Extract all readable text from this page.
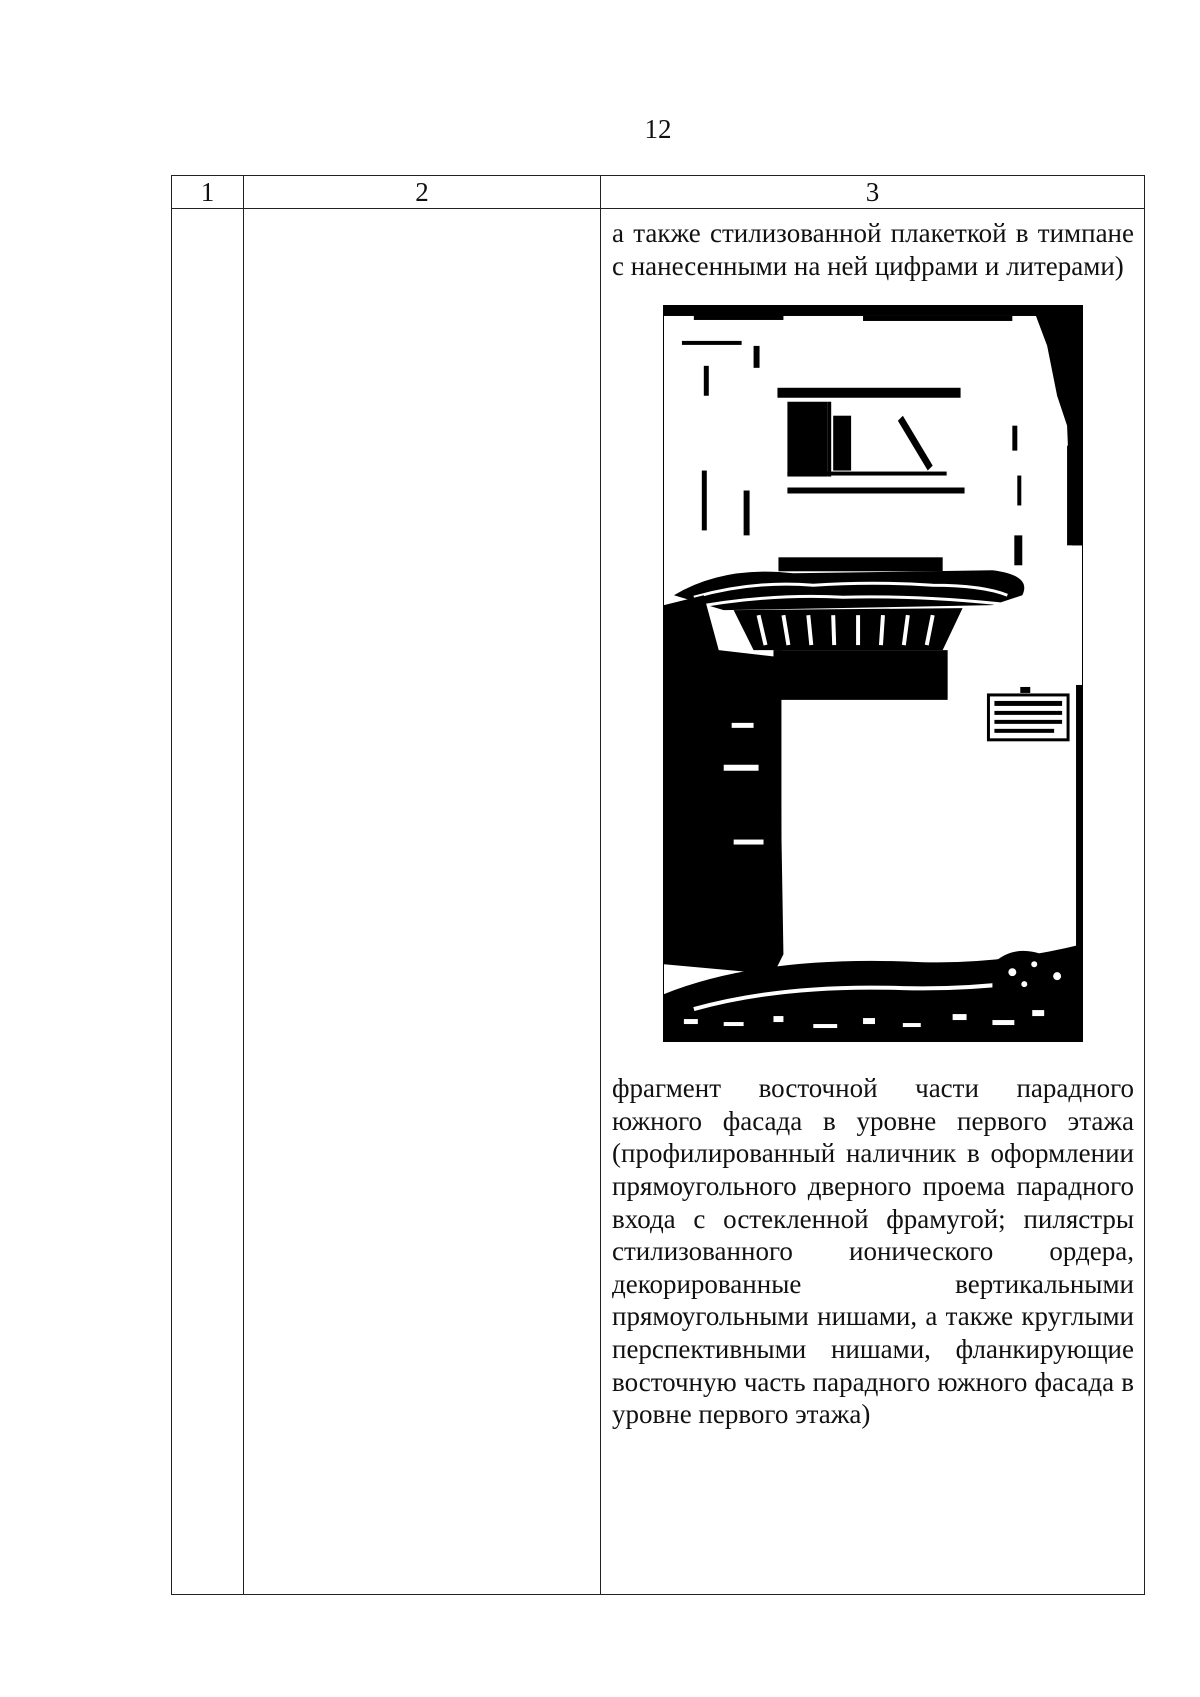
12
1	2	3

		а также стилизованной плакеткой в тимпане с нанесенными на ней цифрами и литерами)
фрагмент восточной части парадного южного фасада в уровне первого этажа (профилированный наличник в оформлении прямоугольного дверного проема парадного входа с остекленной фрамугой; пилястры стилизованного ионического ордера, декорированные вертикальными прямоугольными нишами, а также круглыми перспективными нишами, фланкирующие восточную часть парадного южного фасада в уровне первого этажа)
